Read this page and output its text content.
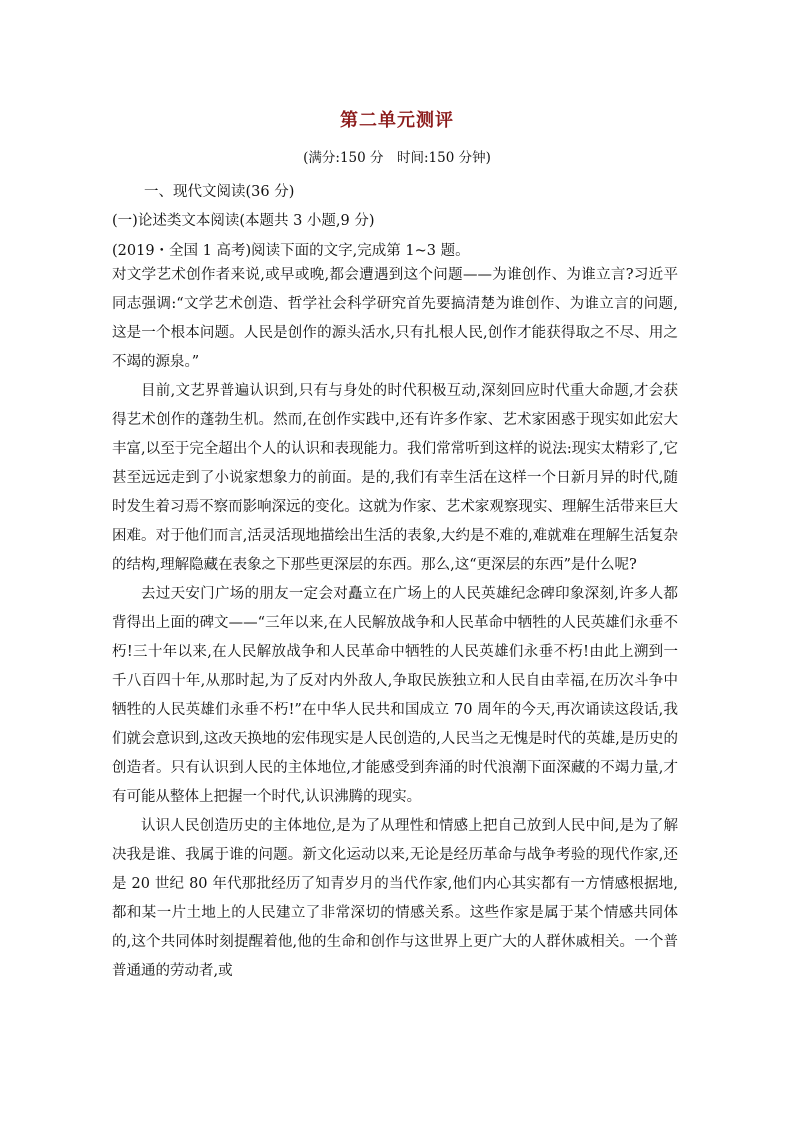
第二单元测评
(满分:150 分　时间:150 分钟)
一、现代文阅读(36 分)
(一)论述类文本阅读(本题共 3 小题,9 分)
(2019・全国 1 高考)阅读下面的文字,完成第 1~3 题。

对文学艺术创作者来说,或早或晚,都会遭遇到这个问题——为谁创作、为谁立言?习近平同志强调:“文学艺术创造、哲学社会科学研究首先要搞清楚为谁创作、为谁立言的问题,这是一个根本问题。人民是创作的源头活水,只有扎根人民,创作才能获得取之不尽、用之不竭的源泉。”

目前,文艺界普遍认识到,只有与身处的时代积极互动,深刻回应时代重大命题,才会获得艺术创作的蓬勃生机。然而,在创作实践中,还有许多作家、艺术家困惑于现实如此宏大丰富,以至于完全超出个人的认识和表现能力。我们常常听到这样的说法:现实太精彩了,它甚至远远走到了小说家想象力的前面。是的,我们有幸生活在这样一个日新月异的时代,随时发生着习焉不察而影响深远的变化。这就为作家、艺术家观察现实、理解生活带来巨大困难。对于他们而言,活灵活现地描绘出生活的表象,大约是不难的,难就难在理解生活复杂的结构,理解隐藏在表象之下那些更深层的东西。那么,这“更深层的东西”是什么呢?

去过天安门广场的朋友一定会对矗立在广场上的人民英雄纪念碑印象深刻,许多人都背得出上面的碑文——“三年以来,在人民解放战争和人民革命中牺牲的人民英雄们永垂不朽!三十年以来,在人民解放战争和人民革命中牺牲的人民英雄们永垂不朽!由此上溯到一千八百四十年,从那时起,为了反对内外敌人,争取民族独立和人民自由幸福,在历次斗争中牺牲的人民英雄们永垂不朽!”在中华人民共和国成立 70 周年的今天,再次诵读这段话,我们就会意识到,这改天换地的宏伟现实是人民创造的,人民当之无愧是时代的英雄,是历史的创造者。只有认识到人民的主体地位,才能感受到奔涌的时代浪潮下面深藏的不竭力量,才有可能从整体上把握一个时代,认识沸腾的现实。

认识人民创造历史的主体地位,是为了从理性和情感上把自己放到人民中间,是为了解决我是谁、我属于谁的问题。新文化运动以来,无论是经历革命与战争考验的现代作家,还是 20 世纪 80 年代那批经历了知青岁月的当代作家,他们内心其实都有一方情感根据地,都和某一片土地上的人民建立了非常深切的情感关系。这些作家是属于某个情感共同体的,这个共同体时刻提醒着他,他的生命和创作与这世界上更广大的人群休戚相关。一个普普通通的劳动者,或
